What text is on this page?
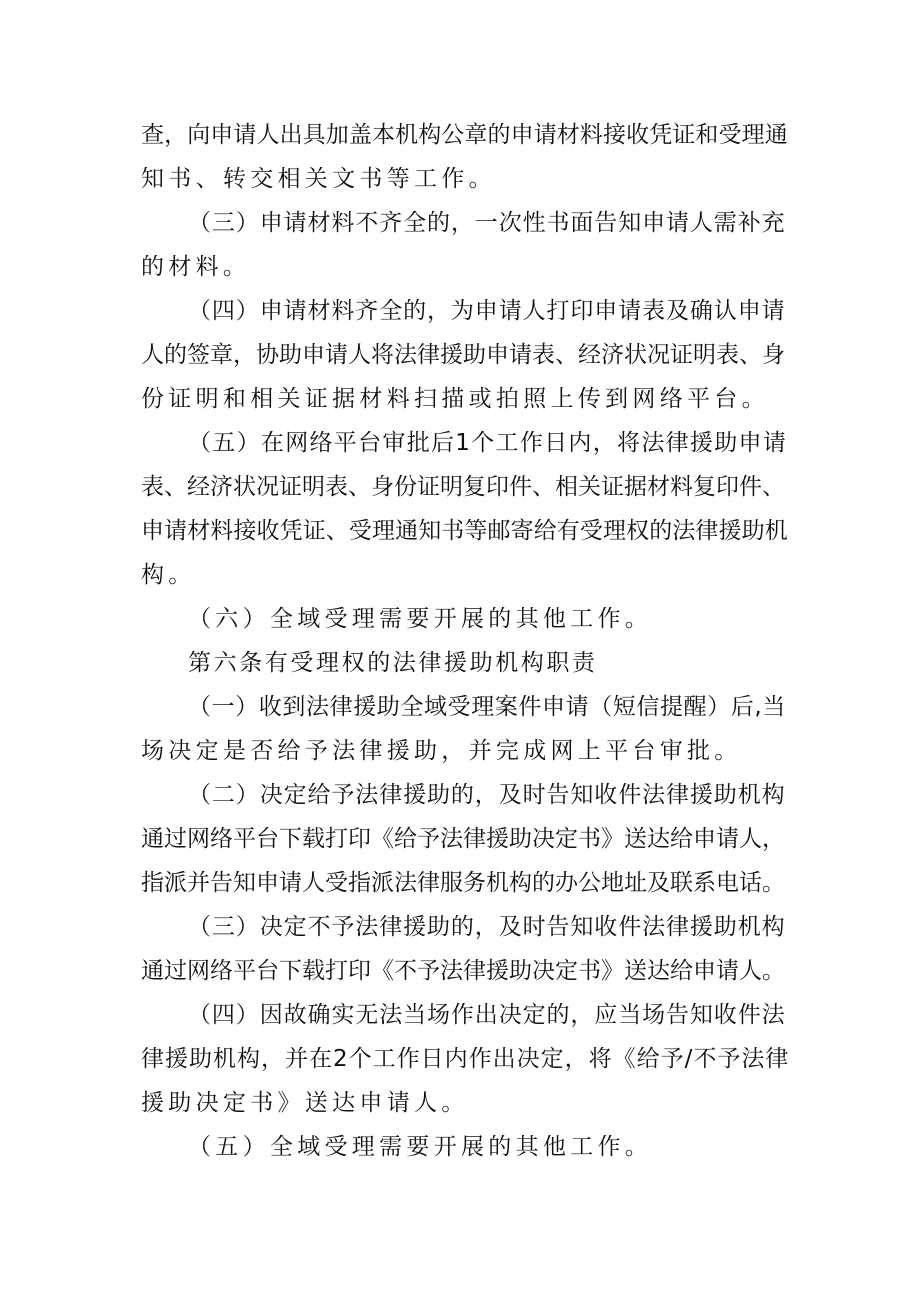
查，向申请人出具加盖本机构公章的申请材料接收凭证和受理通
知书、转交相关文书等工作。
（三）申请材料不齐全的，一次性书面告知申请人需补充
的材料。
（四）申请材料齐全的，为申请人打印申请表及确认申请
人的签章，协助申请人将法律援助申请表、经济状况证明表、身
份证明和相关证据材料扫描或拍照上传到网络平台。
（五）在网络平台审批后1个工作日内，将法律援助申请
表、经济状况证明表、身份证明复印件、相关证据材料复印件、
申请材料接收凭证、受理通知书等邮寄给有受理权的法律援助机
构。
（六）全域受理需要开展的其他工作。
第六条有受理权的法律援助机构职责
（一）收到法律援助全域受理案件申请（短信提醒）后,当
场决定是否给予法律援助，并完成网上平台审批。
（二）决定给予法律援助的，及时告知收件法律援助机构
通过网络平台下载打印《给予法律援助决定书》送达给申请人，
指派并告知申请人受指派法律服务机构的办公地址及联系电话。
（三）决定不予法律援助的，及时告知收件法律援助机构
通过网络平台下载打印《不予法律援助决定书》送达给申请人。
（四）因故确实无法当场作出决定的，应当场告知收件法
律援助机构，并在2个工作日内作出决定，将《给予/不予法律
援助决定书》送达申请人。
（五）全域受理需要开展的其他工作。
